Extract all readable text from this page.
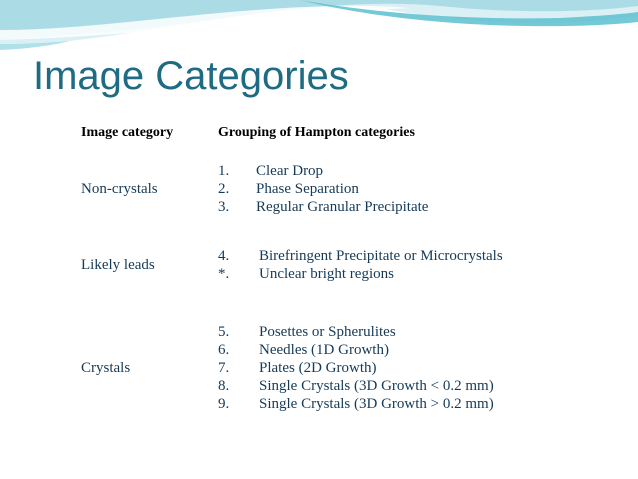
Image Categories
Image category	Grouping of Hampton categories
Non-crystals
1. Clear Drop
2. Phase Separation
3. Regular Granular Precipitate
Likely leads
4. Birefringent Precipitate or Microcrystals
*. Unclear bright regions
Crystals
5. Posettes or Spherulites
6. Needles (1D Growth)
7. Plates (2D Growth)
8. Single Crystals (3D Growth < 0.2 mm)
9. Single Crystals (3D Growth > 0.2 mm)
